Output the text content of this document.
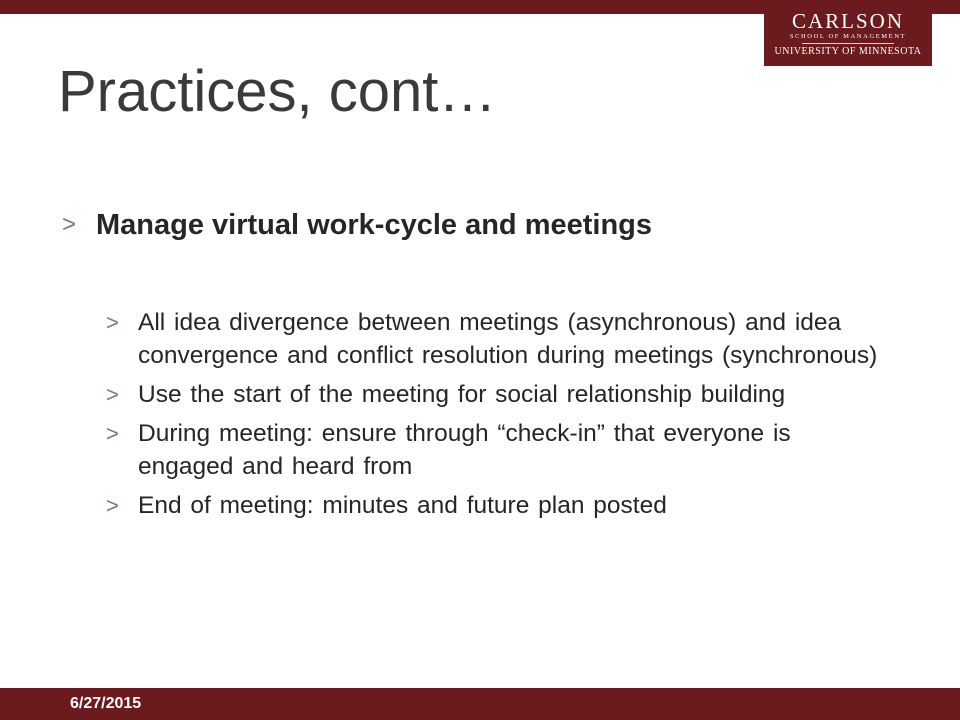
CARLSON
SCHOOL OF MANAGEMENT
UNIVERSITY OF MINNESOTA
Practices, cont…
> Manage virtual work-cycle and meetings
> All idea divergence between meetings (asynchronous) and idea convergence and conflict resolution during meetings (synchronous)
> Use the start of the meeting for social relationship building
> During meeting: ensure through “check-in” that everyone is engaged and heard from
> End of meeting: minutes and future plan posted
6/27/2015
